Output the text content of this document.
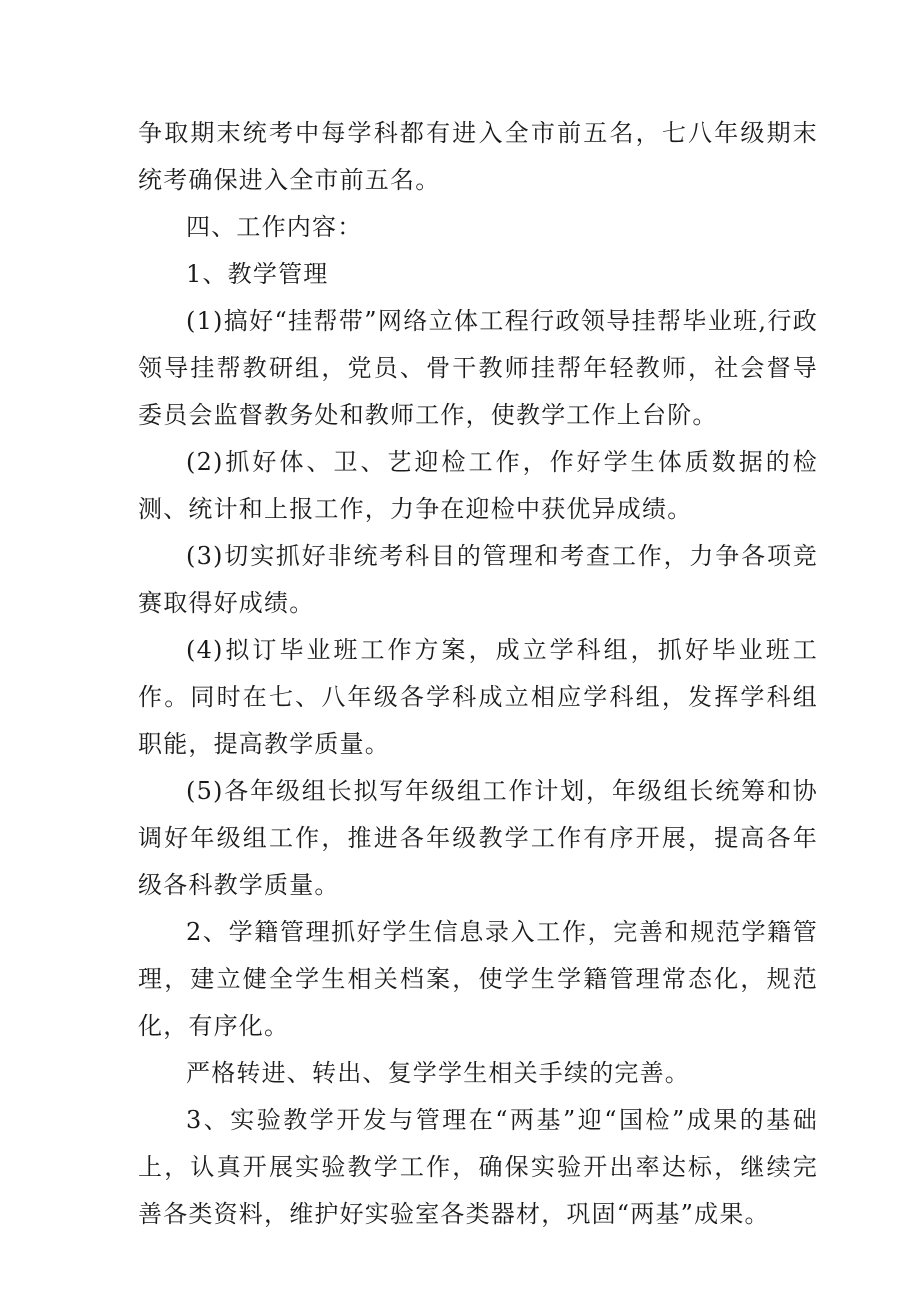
争取期末统考中每学科都有进入全市前五名，七八年级期末统考确保进入全市前五名。

四、工作内容：

1、教学管理

(1)搞好“挂帮带”网络立体工程行政领导挂帮毕业班,行政领导挂帮教研组，党员、骨干教师挂帮年轻教师，社会督导委员会监督教务处和教师工作，使教学工作上台阶。

(2)抓好体、卫、艺迎检工作，作好学生体质数据的检测、统计和上报工作，力争在迎检中获优异成绩。

(3)切实抓好非统考科目的管理和考查工作，力争各项竞赛取得好成绩。

(4)拟订毕业班工作方案，成立学科组，抓好毕业班工作。同时在七、八年级各学科成立相应学科组，发挥学科组职能，提高教学质量。

(5)各年级组长拟写年级组工作计划，年级组长统筹和协调好年级组工作，推进各年级教学工作有序开展，提高各年级各科教学质量。

2、学籍管理抓好学生信息录入工作，完善和规范学籍管理，建立健全学生相关档案，使学生学籍管理常态化，规范化，有序化。

严格转进、转出、复学学生相关手续的完善。

3、实验教学开发与管理在“两基”迎“国检”成果的基础上，认真开展实验教学工作，确保实验开出率达标，继续完善各类资料，维护好实验室各类器材，巩固“两基”成果。
